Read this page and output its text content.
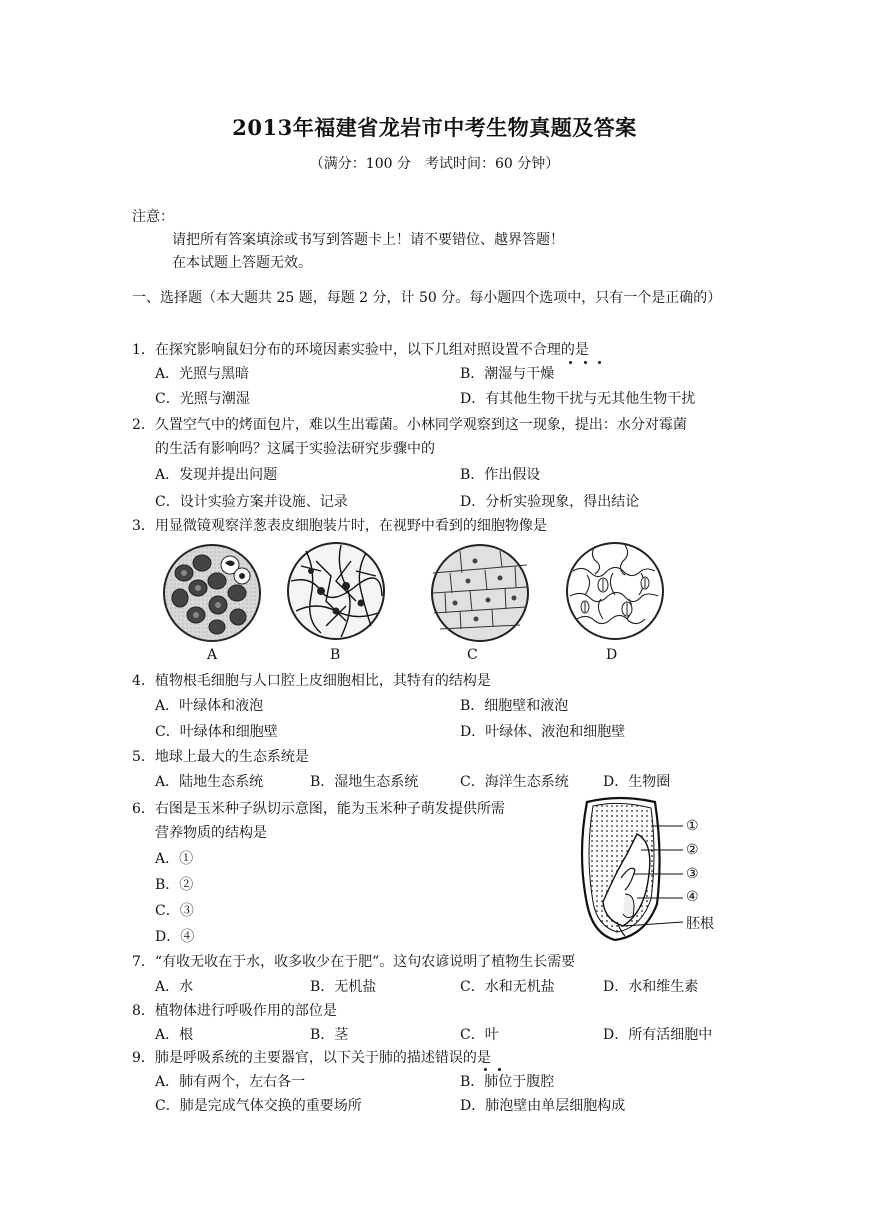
2013年福建省龙岩市中考生物真题及答案
（满分：100 分　考试时间：60 分钟）
注意：
请把所有答案填涂或书写到答题卡上！请不要错位、越界答题！
在本试题上答题无效。
一、选择题（本大题共 25 题，每题 2 分，计 50 分。每小题四个选项中，只有一个是正确的）
1．在探究影响鼠妇分布的环境因素实验中，以下几组对照设置不合理的是
A．光照与黑暗	B．潮湿与干燥
C．光照与潮湿	D．有其他生物干扰与无其他生物干扰
2．久置空气中的烤面包片，难以生出霉菌。小林同学观察到这一现象，提出：水分对霉菌
的生活有影响吗？这属于实验法研究步骤中的
A．发现并提出问题	B．作出假设
C．设计实验方案并设施、记录	D．分析实验现象，得出结论
3．用显微镜观察洋葱表皮细胞装片时，在视野中看到的细胞物像是
A	B	C	D
4．植物根毛细胞与人口腔上皮细胞相比，其特有的结构是
A．叶绿体和液泡	B．细胞壁和液泡
C．叶绿体和细胞壁	D．叶绿体、液泡和细胞壁
5．地球上最大的生态系统是
A．陆地生态系统	B．湿地生态系统	C．海洋生态系统 D．生物圈
6．右图是玉米种子纵切示意图，能为玉米种子萌发提供所需
营养物质的结构是
A．①
B．②
C．③
D．④
①
②
③
④
胚根
7．“有收无收在于水，收多收少在于肥”。这句农谚说明了植物生长需要
A．水	B．无机盐	C．水和无机盐	D．水和维生素
8．植物体进行呼吸作用的部位是
A．根	B．茎	C．叶	D．所有活细胞中
9．肺是呼吸系统的主要器官，以下关于肺的描述错误的是
A．肺有两个，左右各一	B．肺位于腹腔
C．肺是完成气体交换的重要场所	D．肺泡壁由单层细胞构成
